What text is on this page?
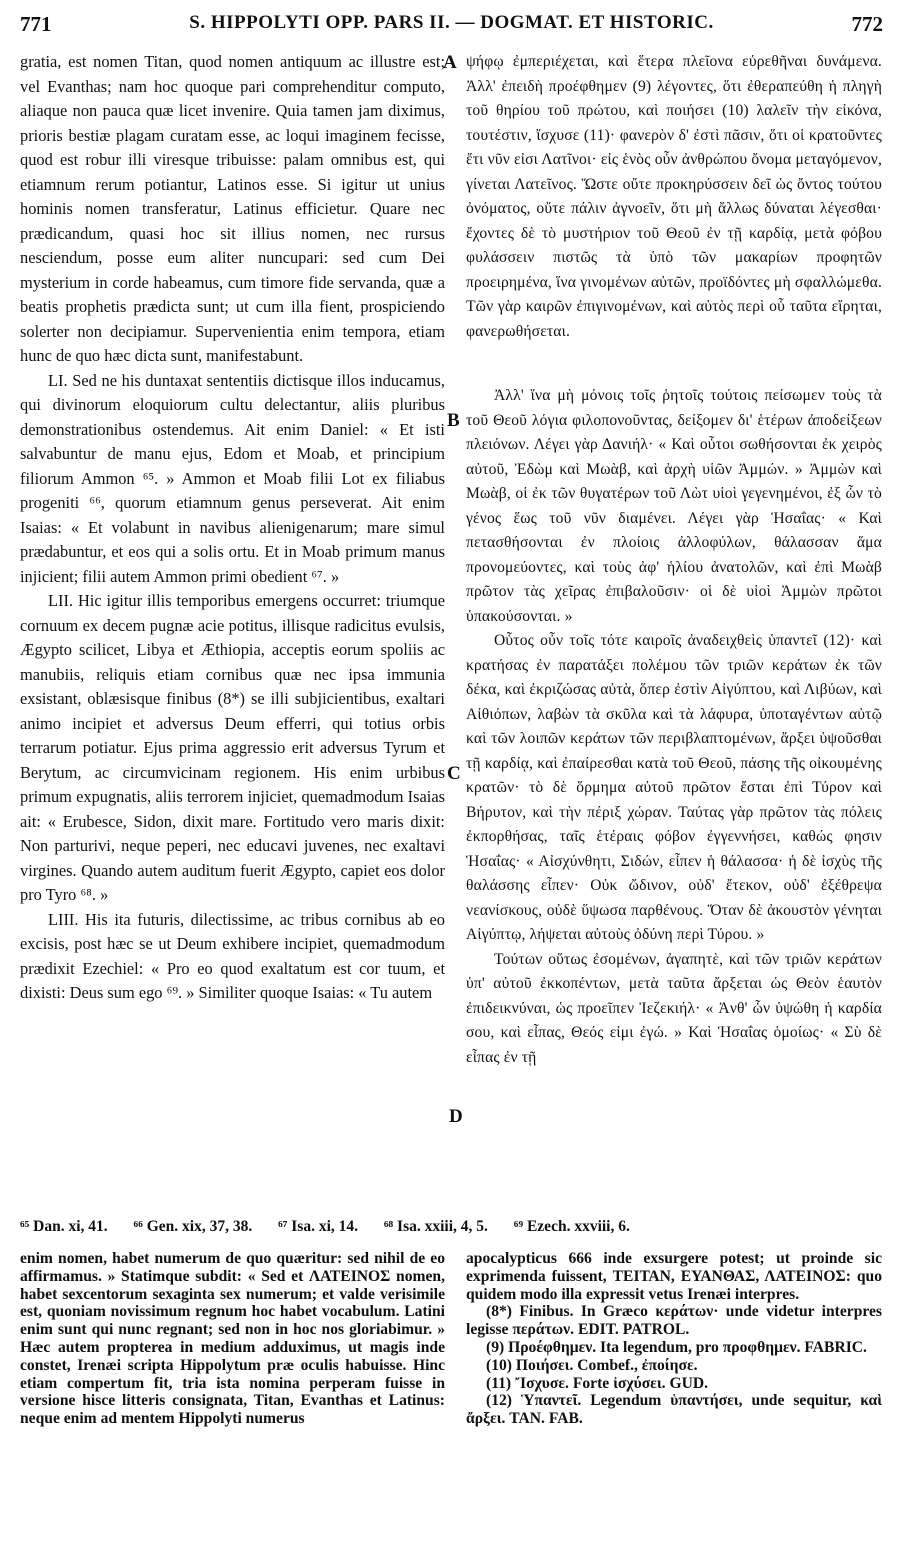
771	S. HIPPOLYTI OPP. PARS II. — DOGMAT. ET HISTORIC.	772

gratia, est nomen Titan, quod nomen antiquum ac illustre est; vel Evanthas; nam hoc quoque pari comprehenditur computo, aliaque non pauca quæ licet invenire. Quia tamen jam diximus, prioris bestiæ plagam curatam esse, ac loqui imaginem fecisse, quod est robur illi viresque tribuisse: palam omnibus est, qui etiamnum rerum potiantur, Latinos esse. Si igitur ut unius hominis nomen transferatur, Latinus efficietur. Quare nec prædicandum, quasi hoc sit illius nomen, nec rursus nesciendum, posse eum aliter nuncupari: sed cum Dei mysterium in corde habeamus, cum timore fide servanda, quæ a beatis prophetis prædicta sunt; ut cum illa fient, prospiciendo solerter non decipiamur. Supervenientia enim tempora, etiam hunc de quo hæc dicta sunt, manifestabunt.

LI. Sed ne his duntaxat sententiis dictisque illos inducamus, qui divinorum eloquiorum cultu delectantur, aliis pluribus demonstrationibus ostendemus. Ait enim Daniel: « Et isti salvabuntur de manu ejus, Edom et Moab, et principium filiorum Ammon ⁶⁵. » Ammon et Moab filii Lot ex filiabus progeniti ⁶⁶, quorum etiamnum genus perseverat. Ait enim Isaias: « Et volabunt in navibus alienigenarum; mare simul prædabuntur, et eos qui a solis ortu. Et in Moab primum manus injicient; filii autem Ammon primi obedient ⁶⁷. »

LII. Hic igitur illis temporibus emergens occurret: triumque cornuum ex decem pugnæ acie potitus, illisque radicitus evulsis, Ægypto scilicet, Libya et Æthiopia, acceptis eorum spoliis ac manubiis, reliquis etiam cornibus quæ nec ipsa immunia exsistant, oblæsisque finibus (8*) se illi subjicientibus, exaltari animo incipiet et adversus Deum efferri, qui totius orbis terrarum potiatur. Ejus prima aggressio erit adversus Tyrum et Berytum, ac circumvicinam regionem. His enim urbibus primum expugnatis, aliis terrorem injiciet, quemadmodum Isaias ait: « Erubesce, Sidon, dixit mare. Fortitudo vero maris dixit: Non parturivi, neque peperi, nec educavi juvenes, nec exaltavi virgines. Quando autem auditum fuerit Ægypto, capiet eos dolor pro Tyro ⁶⁸. »

LIII. His ita futuris, dilectissime, ac tribus cornibus ab eo excisis, post hæc se ut Deum exhibere incipiet, quemadmodum prædixit Ezechiel: « Pro eo quod exaltatum est cor tuum, et dixisti: Deus sum ego ⁶⁹. » Similiter quoque Isaias: « Tu autem

A
B
C
D

ψήφῳ ἐμπεριέχεται, καὶ ἕτερα πλεῖονα εὑρεθῆναι δυνάμενα. Ἀλλ' ἐπειδὴ προέφθημεν (9) λέγοντες, ὅτι ἐθεραπεύθη ἡ πληγὴ τοῦ θηρίου τοῦ πρώτου, καὶ ποιήσει (10) λαλεῖν τὴν εἰκόνα, τουτέστιν, ἴσχυσε (11)· φανερὸν δ' ἐστὶ πᾶσιν, ὅτι οἱ κρατοῦντες ἔτι νῦν εἰσι Λατῖνοι· εἰς ἑνὸς οὖν ἀνθρώπου ὄνομα μεταγόμενον, γίνεται Λατεῖνος. Ὥστε οὔτε προκηρύσσειν δεῖ ὡς ὄντος τούτου ὀνόματος, οὔτε πάλιν ἀγνοεῖν, ὅτι μὴ ἄλλως δύναται λέγεσθαι· ἔχοντες δὲ τὸ μυστήριον τοῦ Θεοῦ ἐν τῇ καρδίᾳ, μετὰ φόβου φυλάσσειν πιστῶς τὰ ὑπὸ τῶν μακαρίων προφητῶν προειρημένα, ἵνα γινομένων αὐτῶν, προϊδόντες μὴ σφαλλώμεθα. Τῶν γὰρ καιρῶν ἐπιγινομένων, καὶ αὐτὸς περὶ οὗ ταῦτα εἴρηται, φανερωθήσεται.

Ἀλλ' ἵνα μὴ μόνοις τοῖς ῥητοῖς τούτοις πείσωμεν τοὺς τὰ τοῦ Θεοῦ λόγια φιλοπονοῦντας, δείξομεν δι' ἑτέρων ἀποδείξεων πλειόνων. Λέγει γὰρ Δανιήλ· « Καὶ οὗτοι σωθήσονται ἐκ χειρὸς αὐτοῦ, Ἐδὼμ καὶ Μωὰβ, καὶ ἀρχὴ υἱῶν Ἀμμών. » Ἀμμὼν καὶ Μωὰβ, οἱ ἐκ τῶν θυγατέρων τοῦ Λὼτ υἱοὶ γεγενημένοι, ἐξ ὧν τὸ γένος ἕως τοῦ νῦν διαμένει. Λέγει γὰρ Ἡσαΐας· « Καὶ πετασθήσονται ἐν πλοίοις ἀλλοφύλων, θάλασσαν ἅμα προνομεύοντες, καὶ τοὺς ἀφ' ἡλίου ἀνατολῶν, καὶ ἐπὶ Μωὰβ πρῶτον τὰς χεῖρας ἐπιβαλοῦσιν· οἱ δὲ υἱοὶ Ἀμμὼν πρῶτοι ὑπακούσονται. »

Οὗτος οὖν τοῖς τότε καιροῖς ἀναδειχθεὶς ὑπαντεῖ (12)· καὶ κρατήσας ἐν παρατάξει πολέμου τῶν τριῶν κεράτων ἐκ τῶν δέκα, καὶ ἐκριζώσας αὐτὰ, ὅπερ ἐστὶν Αἰγύπτου, καὶ Λιβύων, καὶ Αἰθιόπων, λαβὼν τὰ σκῦλα καὶ τὰ λάφυρα, ὑποταγέντων αὐτῷ καὶ τῶν λοιπῶν κεράτων τῶν περιβλαπτομένων, ἄρξει ὑψοῦσθαι τῇ καρδίᾳ, καὶ ἐπαίρεσθαι κατὰ τοῦ Θεοῦ, πάσης τῆς οἰκουμένης κρατῶν· τὸ δὲ ὅρμημα αὐτοῦ πρῶτον ἔσται ἐπὶ Τύρον καὶ Βήρυτον, καὶ τὴν πέριξ χώραν. Ταύτας γὰρ πρῶτον τὰς πόλεις ἐκπορθήσας, ταῖς ἑτέραις φόβον ἐγγεννήσει, καθώς φησιν Ἡσαΐας· « Αἰσχύνθητι, Σιδών, εἶπεν ἡ θάλασσα· ἡ δὲ ἰσχὺς τῆς θαλάσσης εἶπεν· Οὐκ ὤδινον, οὐδ' ἔτεκον, οὐδ' ἐξέθρεψα νεανίσκους, οὐδὲ ὕψωσα παρθένους. Ὅταν δὲ ἀκουστὸν γένηται Αἰγύπτῳ, λήψεται αὐτοὺς ὀδύνη περὶ Τύρου. »

Τούτων οὕτως ἐσομένων, ἀγαπητὲ, καὶ τῶν τριῶν κεράτων ὑπ' αὐτοῦ ἐκκοπέντων, μετὰ ταῦτα ἄρξεται ὡς Θεὸν ἑαυτὸν ἐπιδεικνύναι, ὡς προεῖπεν Ἰεζεκιήλ· « Ἀνθ' ὧν ὑψώθη ἡ καρδία σου, καὶ εἶπας, Θεός εἰμι ἐγώ. » Καὶ Ἡσαΐας ὁμοίως· « Σὺ δὲ εἶπας ἐν τῇ

⁶⁵ Dan. xi, 41. ⁶⁶ Gen. xix, 37, 38. ⁶⁷ Isa. xi, 14. ⁶⁸ Isa. xxiii, 4, 5. ⁶⁹ Ezech. xxviii, 6.

enim nomen, habet numerum de quo quæritur: sed nihil de eo affirmamus. » Statimque subdit: « Sed et ΛΑΤΕΙΝΟΣ nomen, habet sexcentorum sexaginta sex numerum; et valde verisimile est, quoniam novissimum regnum hoc habet vocabulum. Latini enim sunt qui nunc regnant; sed non in hoc nos gloriabimur. » Hæc autem propterea in medium adduximus, ut magis inde constet, Irenæi scripta Hippolytum præ oculis habuisse. Hinc etiam compertum fit, tria ista nomina perperam fuisse in versione hisce litteris consignata, Titan, Evanthas et Latinus: neque enim ad mentem Hippolyti numerus

apocalypticus 666 inde exsurgere potest; ut proinde sic exprimenda fuissent, ΤΕΙΤΑΝ, ΕΥΑΝΘΑΣ, ΛΑΤΕΙΝΟΣ: quo quidem modo illa expressit vetus Irenæi interpres.

(8*) Finibus. In Græco κεράτων· unde videtur interpres legisse περάτων. EDIT. PATROL.

(9) Προέφθημεν. Ita legendum, pro προφθημεν. FABRIC.

(10) Ποιήσει. Combef., ἐποίησε.

(11) Ἴσχυσε. Forte ἰσχύσει. GUD.

(12) Ὑπαντεῖ. Legendum ὑπαντήσει, unde sequitur, καὶ ἄρξει. TAN. FAB.
